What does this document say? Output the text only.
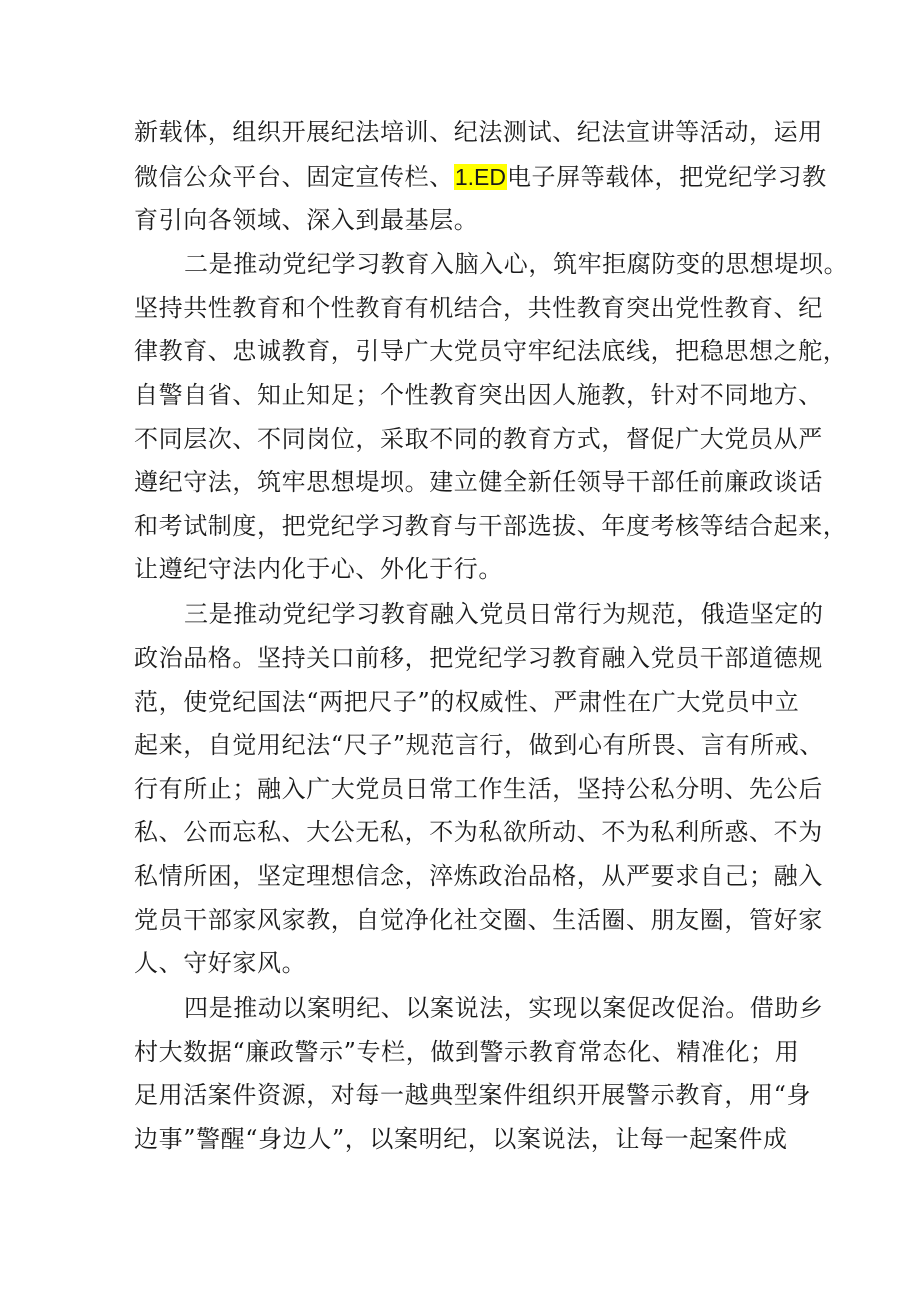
新载体，组织开展纪法培训、纪法测试、纪法宣讲等活动，运用
微信公众平台、固定宣传栏、1.ED电子屏等载体，把党纪学习教
育引向各领域、深入到最基层。
二是推动党纪学习教育入脑入心，筑牢拒腐防变的思想堤坝。
坚持共性教育和个性教育有机结合，共性教育突出党性教育、纪
律教育、忠诚教育，引导广大党员守牢纪法底线，把稳思想之舵，
自警自省、知止知足；个性教育突出因人施教，针对不同地方、
不同层次、不同岗位，采取不同的教育方式，督促广大党员从严
遵纪守法，筑牢思想堤坝。建立健全新任领导干部任前廉政谈话
和考试制度，把党纪学习教育与干部选拔、年度考核等结合起来，
让遵纪守法内化于心、外化于行。
三是推动党纪学习教育融入党员日常行为规范，俄造坚定的
政治品格。坚持关口前移，把党纪学习教育融入党员干部道德规
范，使党纪国法“两把尺子”的权威性、严肃性在广大党员中立
起来，自觉用纪法“尺子”规范言行，做到心有所畏、言有所戒、
行有所止；融入广大党员日常工作生活，坚持公私分明、先公后
私、公而忘私、大公无私，不为私欲所动、不为私利所惑、不为
私情所困，坚定理想信念，淬炼政治品格，从严要求自己；融入
党员干部家风家教，自觉净化社交圈、生活圈、朋友圈，管好家
人、守好家风。
四是推动以案明纪、以案说法，实现以案促改促治。借助乡
村大数据“廉政警示”专栏，做到警示教育常态化、精准化；用
足用活案件资源，对每一越典型案件组织开展警示教育，用“身
边事”警醒“身边人”，以案明纪，以案说法，让每一起案件成
